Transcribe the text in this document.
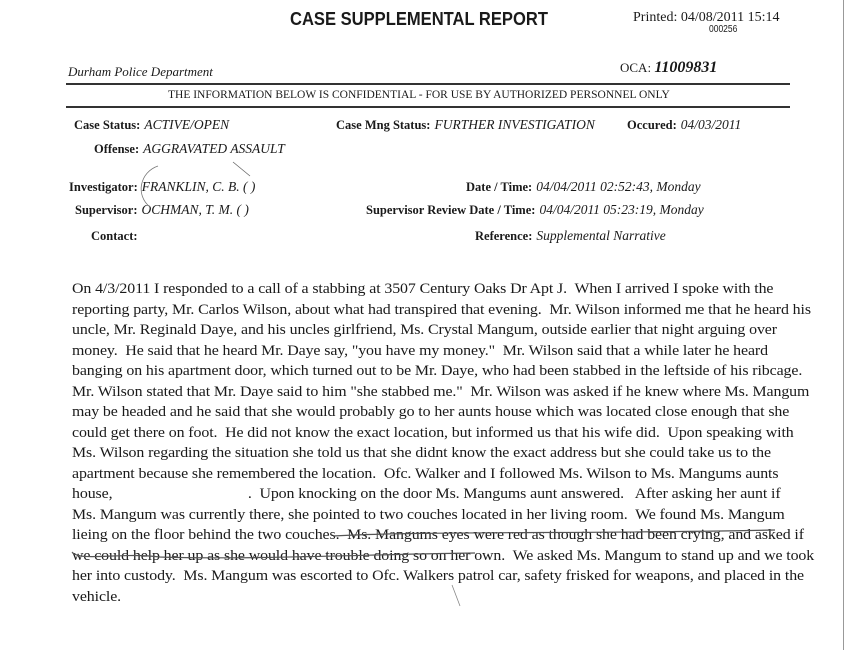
CASE SUPPLEMENTAL REPORT	Printed: 04/08/2011 15:14
000256
Durham Police Department	OCA: 11009831
THE INFORMATION BELOW IS CONFIDENTIAL - FOR USE BY AUTHORIZED PERSONNEL ONLY
Case Status: ACTIVE/OPEN	Case Mng Status: FURTHER INVESTIGATION	Occured: 04/03/2011
Offense: AGGRAVATED ASSAULT
Investigator: FRANKLIN, C. B. ( )	Date / Time: 04/04/2011 02:52:43, Monday
Supervisor: OCHMAN, T. M. ( )	Supervisor Review Date / Time: 04/04/2011 05:23:19, Monday
Contact:	Reference: Supplemental Narrative
On 4/3/2011 I responded to a call of a stabbing at 3507 Century Oaks Dr Apt J.  When I arrived I spoke with the
reporting party, Mr. Carlos Wilson, about what had transpired that evening.  Mr. Wilson informed me that he heard his
uncle, Mr. Reginald Daye, and his uncles girlfriend, Ms. Crystal Mangum, outside earlier that night arguing over
money.  He said that he heard Mr. Daye say, "you have my money."  Mr. Wilson said that a while later he heard
banging on his apartment door, which turned out to be Mr. Daye, who had been stabbed in the leftside of his ribcage.
Mr. Wilson stated that Mr. Daye said to him "she stabbed me."  Mr. Wilson was asked if he knew where Ms. Mangum
may be headed and he said that she would probably go to her aunts house which was located close enough that she
could get there on foot.  He did not know the exact location, but informed us that his wife did.  Upon speaking with
Ms. Wilson regarding the situation she told us that she didnt know the exact address but she could take us to the
apartment because she remembered the location.  Ofc. Walker and I followed Ms. Wilson to Ms. Mangums aunts
house,                                   .  Upon knocking on the door Ms. Mangums aunt answered.   After asking her aunt if
Ms. Mangum was currently there, she pointed to two couches located in her living room.  We found Ms. Mangum
lieing on the floor behind the two couches.  Ms. Mangums eyes were red as though she had been crying, and asked if
we could help her up as she would have trouble doing so on her own.  We asked Ms. Mangum to stand up and we took
her into custody.  Ms. Mangum was escorted to Ofc. Walkers patrol car, safety frisked for weapons, and placed in the
vehicle.
